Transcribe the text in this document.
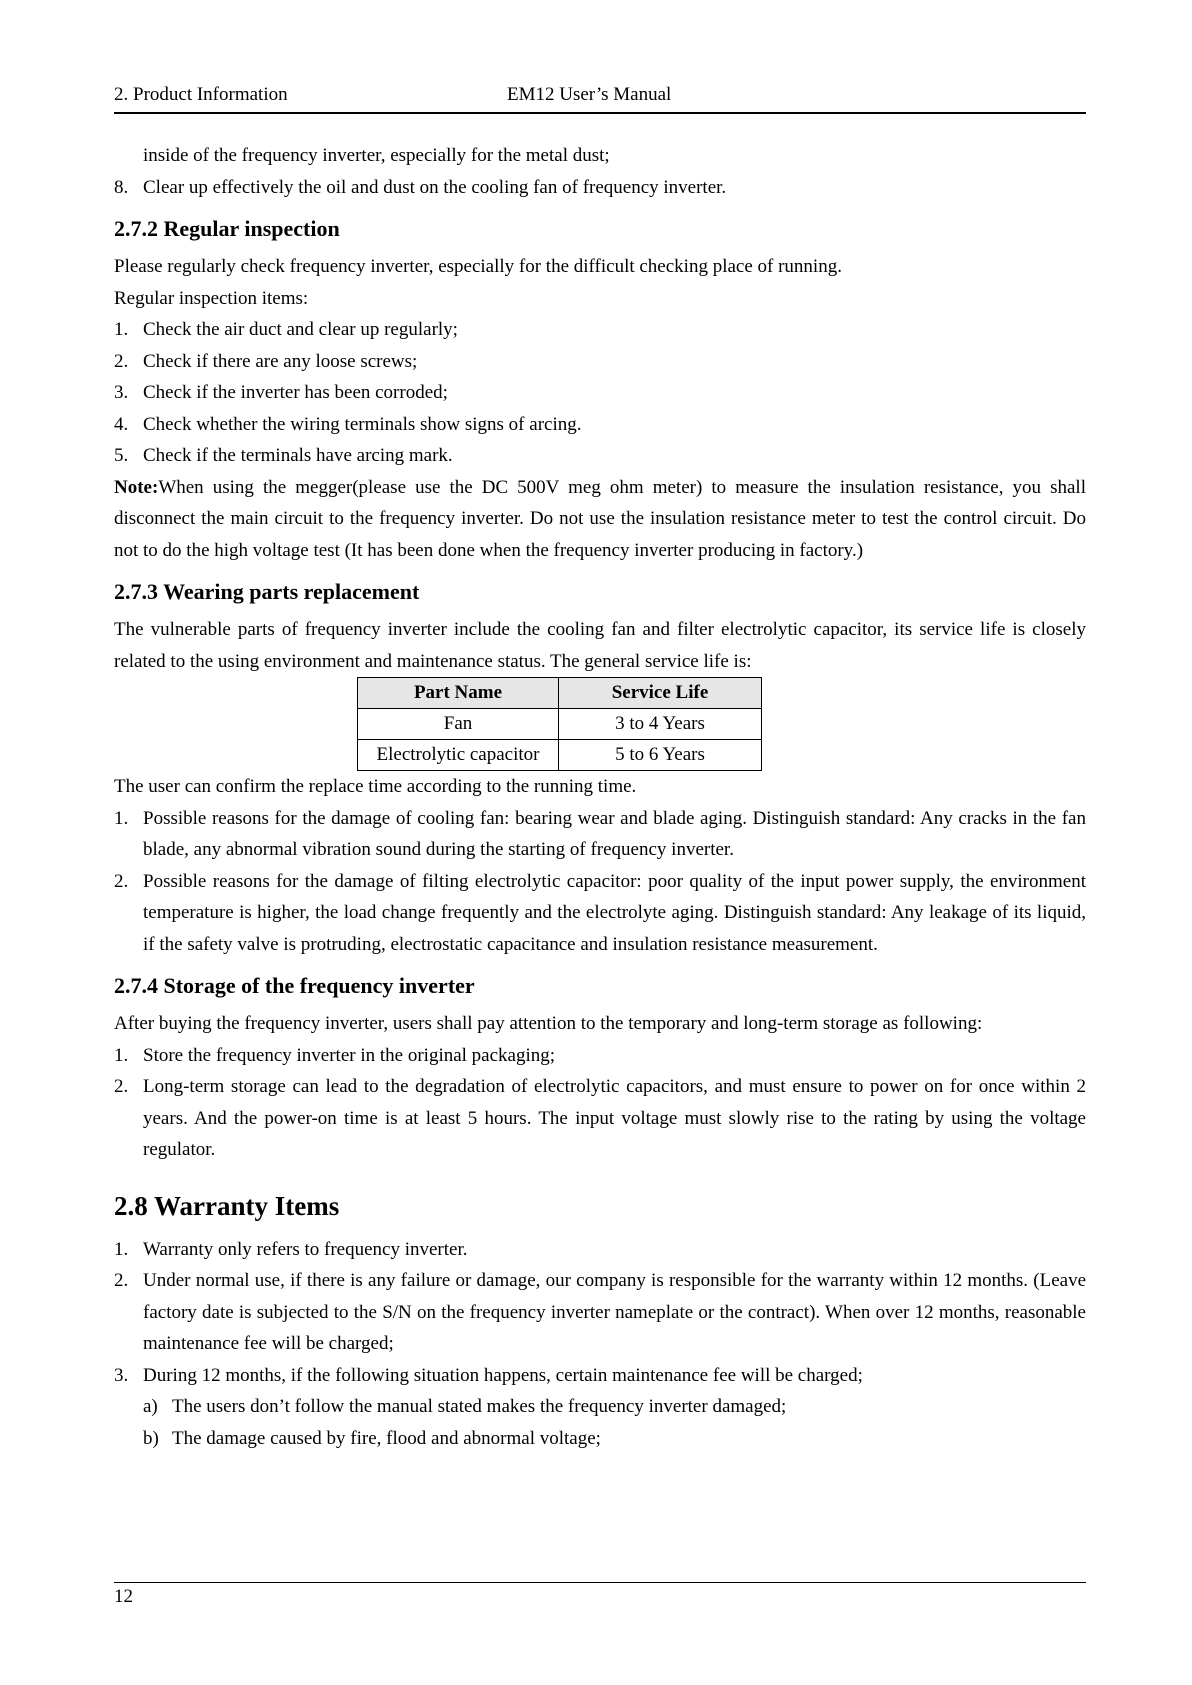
2. Product Information	EM12 User’s Manual

inside of the frequency inverter, especially for the metal dust;

8. Clear up effectively the oil and dust on the cooling fan of frequency inverter.
2.7.2 Regular inspection

Please regularly check frequency inverter, especially for the difficult checking place of running.

Regular inspection items:

1. Check the air duct and clear up regularly;
2. Check if there are any loose screws;
3. Check if the inverter has been corroded;
4. Check whether the wiring terminals show signs of arcing.
5. Check if the terminals have arcing mark.

Note:When using the megger(please use the DC 500V meg ohm meter) to measure the insulation resistance, you shall disconnect the main circuit to the frequency inverter. Do not use the insulation resistance meter to test the control circuit. Do not to do the high voltage test (It has been done when the frequency inverter producing in factory.)

2.7.3 Wearing parts replacement

The vulnerable parts of frequency inverter include the cooling fan and filter electrolytic capacitor, its service life is closely related to the using environment and maintenance status. The general service life is:

Part Name	Service Life
Fan	3 to 4 Years
Electrolytic capacitor	5 to 6 Years

The user can confirm the replace time according to the running time.

1. Possible reasons for the damage of cooling fan: bearing wear and blade aging. Distinguish standard: Any cracks in the fan blade, any abnormal vibration sound during the starting of frequency inverter.
2. Possible reasons for the damage of filting electrolytic capacitor: poor quality of the input power supply, the environment temperature is higher, the load change frequently and the electrolyte aging. Distinguish standard: Any leakage of its liquid, if the safety valve is protruding, electrostatic capacitance and insulation resistance measurement.
2.7.4 Storage of the frequency inverter

After buying the frequency inverter, users shall pay attention to the temporary and long-term storage as following:

1. Store the frequency inverter in the original packaging;
2. Long-term storage can lead to the degradation of electrolytic capacitors, and must ensure to power on for once within 2 years. And the power-on time is at least 5 hours. The input voltage must slowly rise to the rating by using the voltage regulator.
2.8 Warranty Items
1. Warranty only refers to frequency inverter.
2. Under normal use, if there is any failure or damage, our company is responsible for the warranty within 12 months. (Leave factory date is subjected to the S/N on the frequency inverter nameplate or the contract). When over 12 months, reasonable maintenance fee will be charged;
3. During 12 months, if the following situation happens, certain maintenance fee will be charged;
a) The users don’t follow the manual stated makes the frequency inverter damaged;
b) The damage caused by fire, flood and abnormal voltage;
12
